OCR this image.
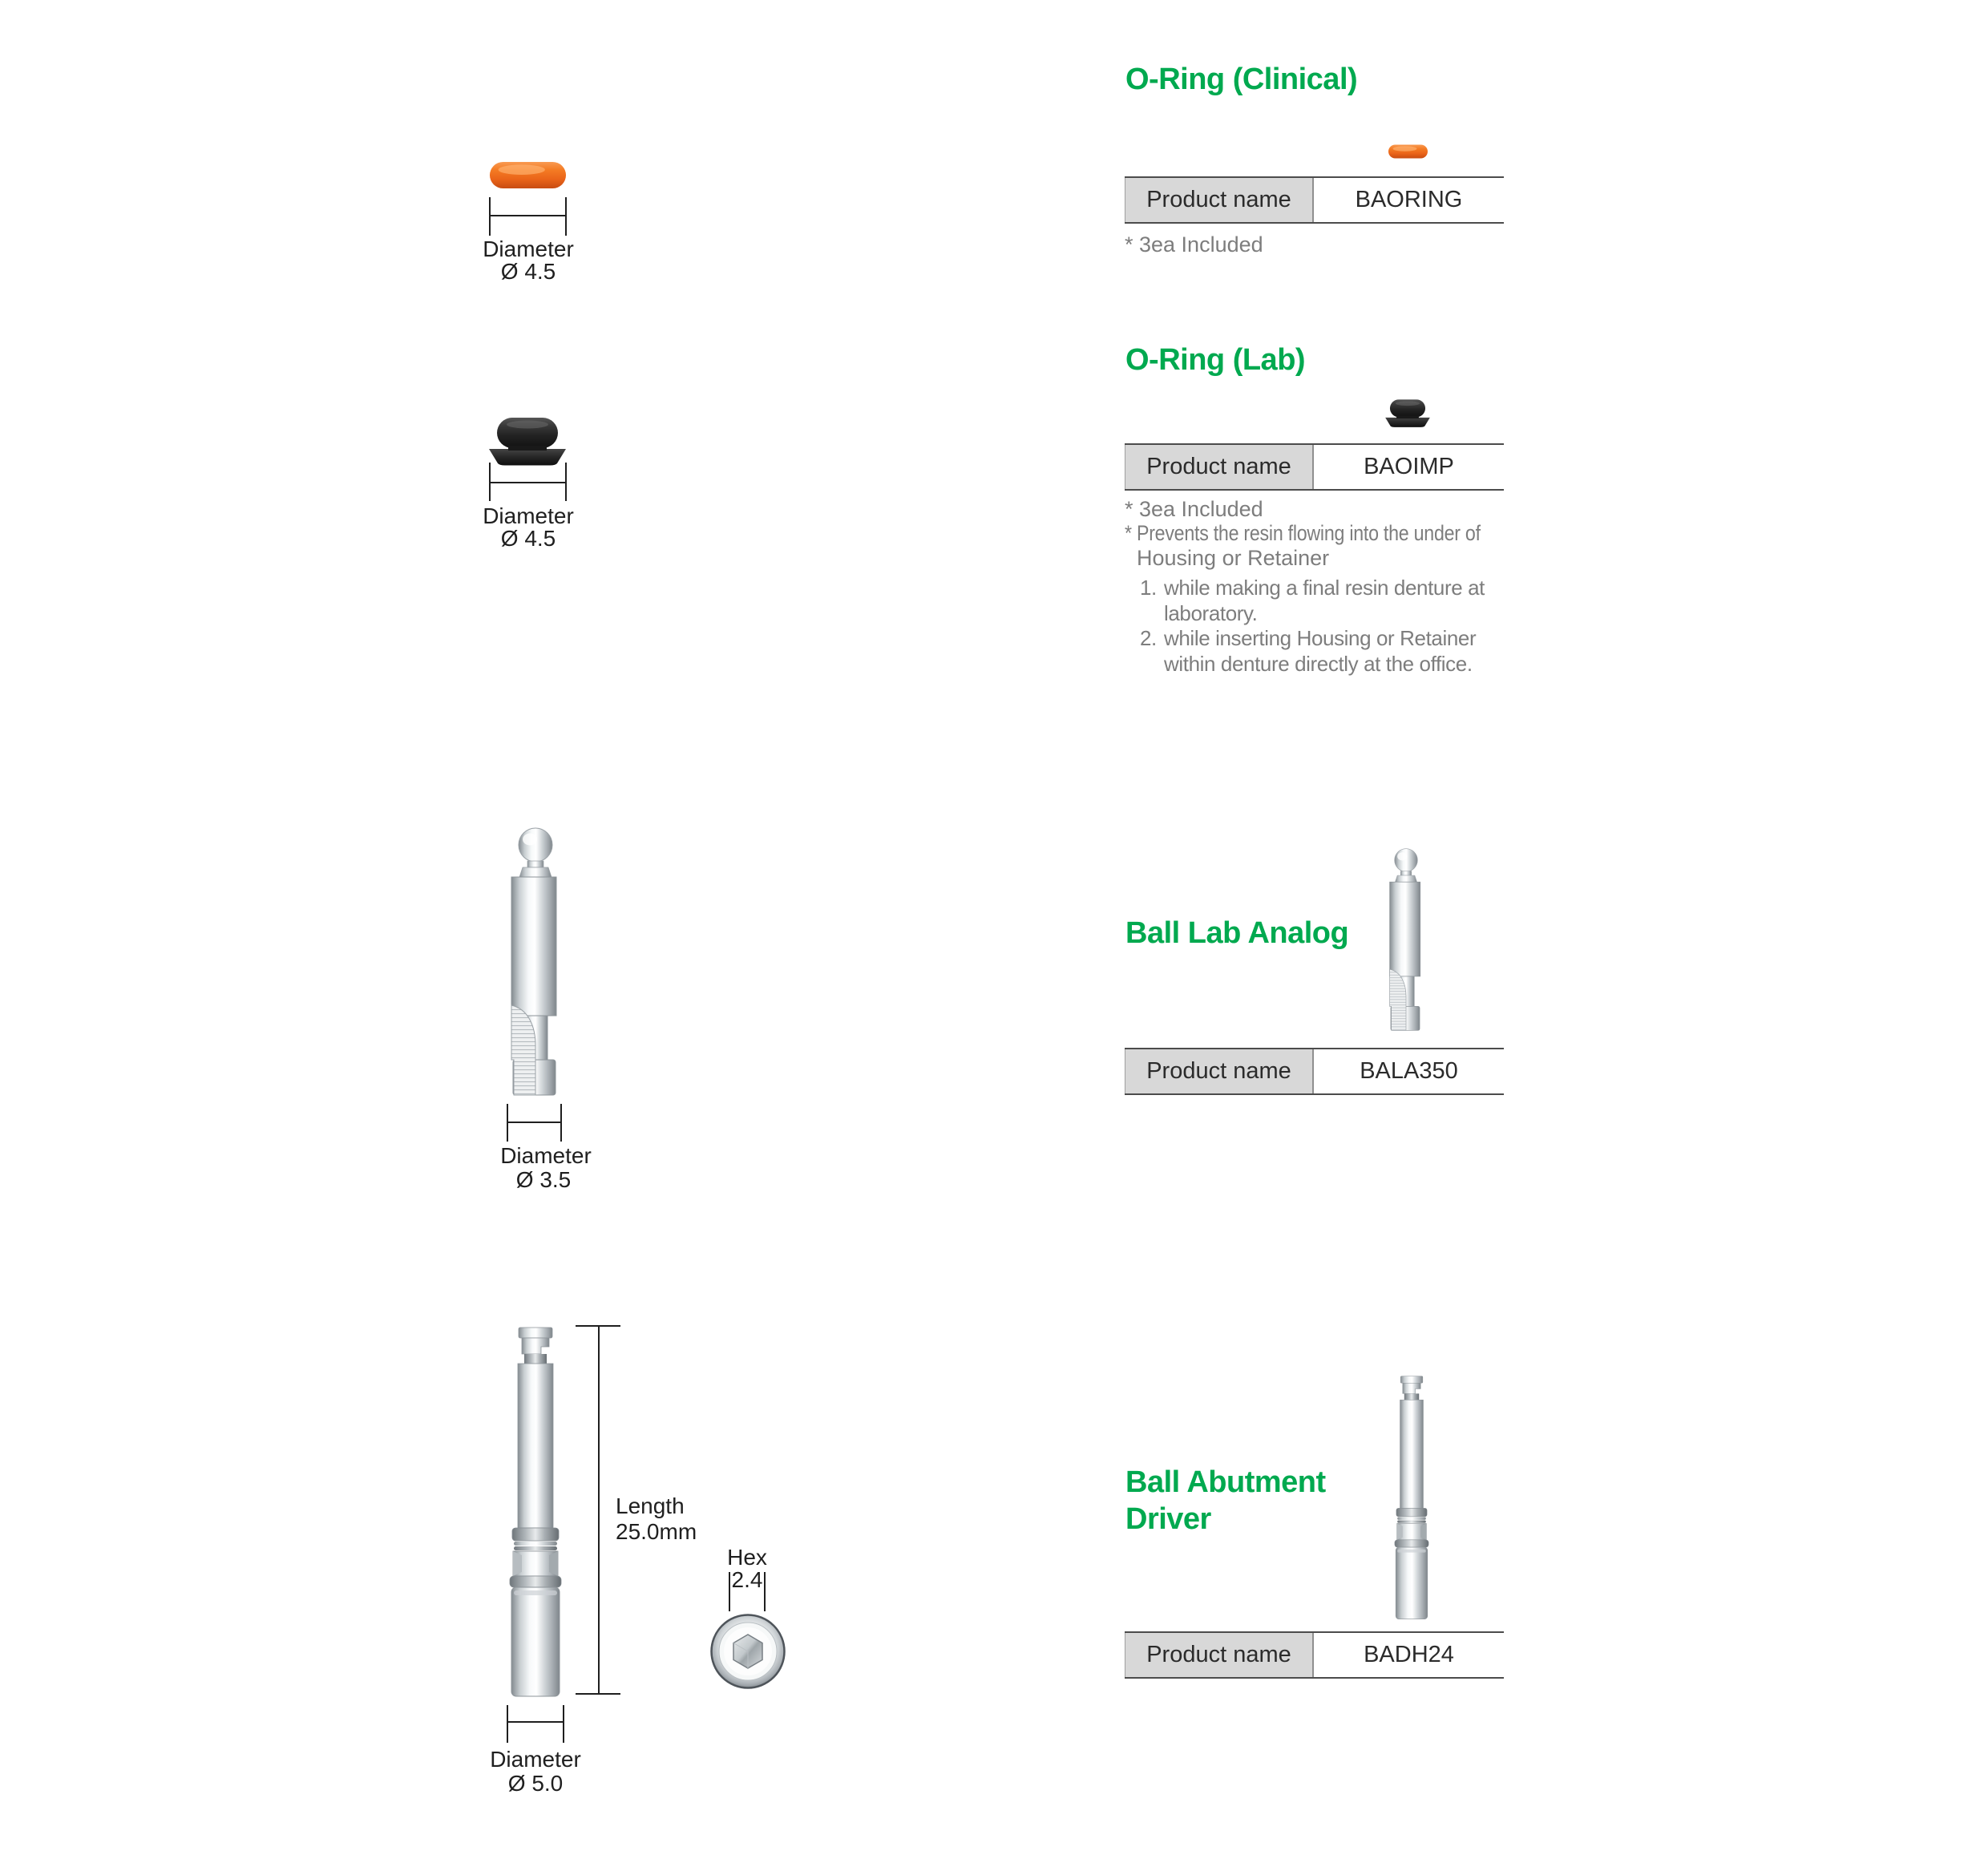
Diameter
Ø 4.5
O-Ring (Clinical)
Product name	BAORING
* 3ea Included
Diameter
Ø 4.5
O-Ring (Lab)
Product name	BAOIMP
* 3ea Included
* Prevents the resin flowing into the under of
Housing or Retainer
1. while making a final resin denture at
laboratory.
2. while inserting Housing or Retainer
within denture directly at the office.
Diameter
Ø 3.5
Ball Lab Analog
Product name	BALA350
Length
25.0mm
Hex
2.4
Diameter
Ø 5.0
Ball Abutment
Driver
Product name	BADH24
